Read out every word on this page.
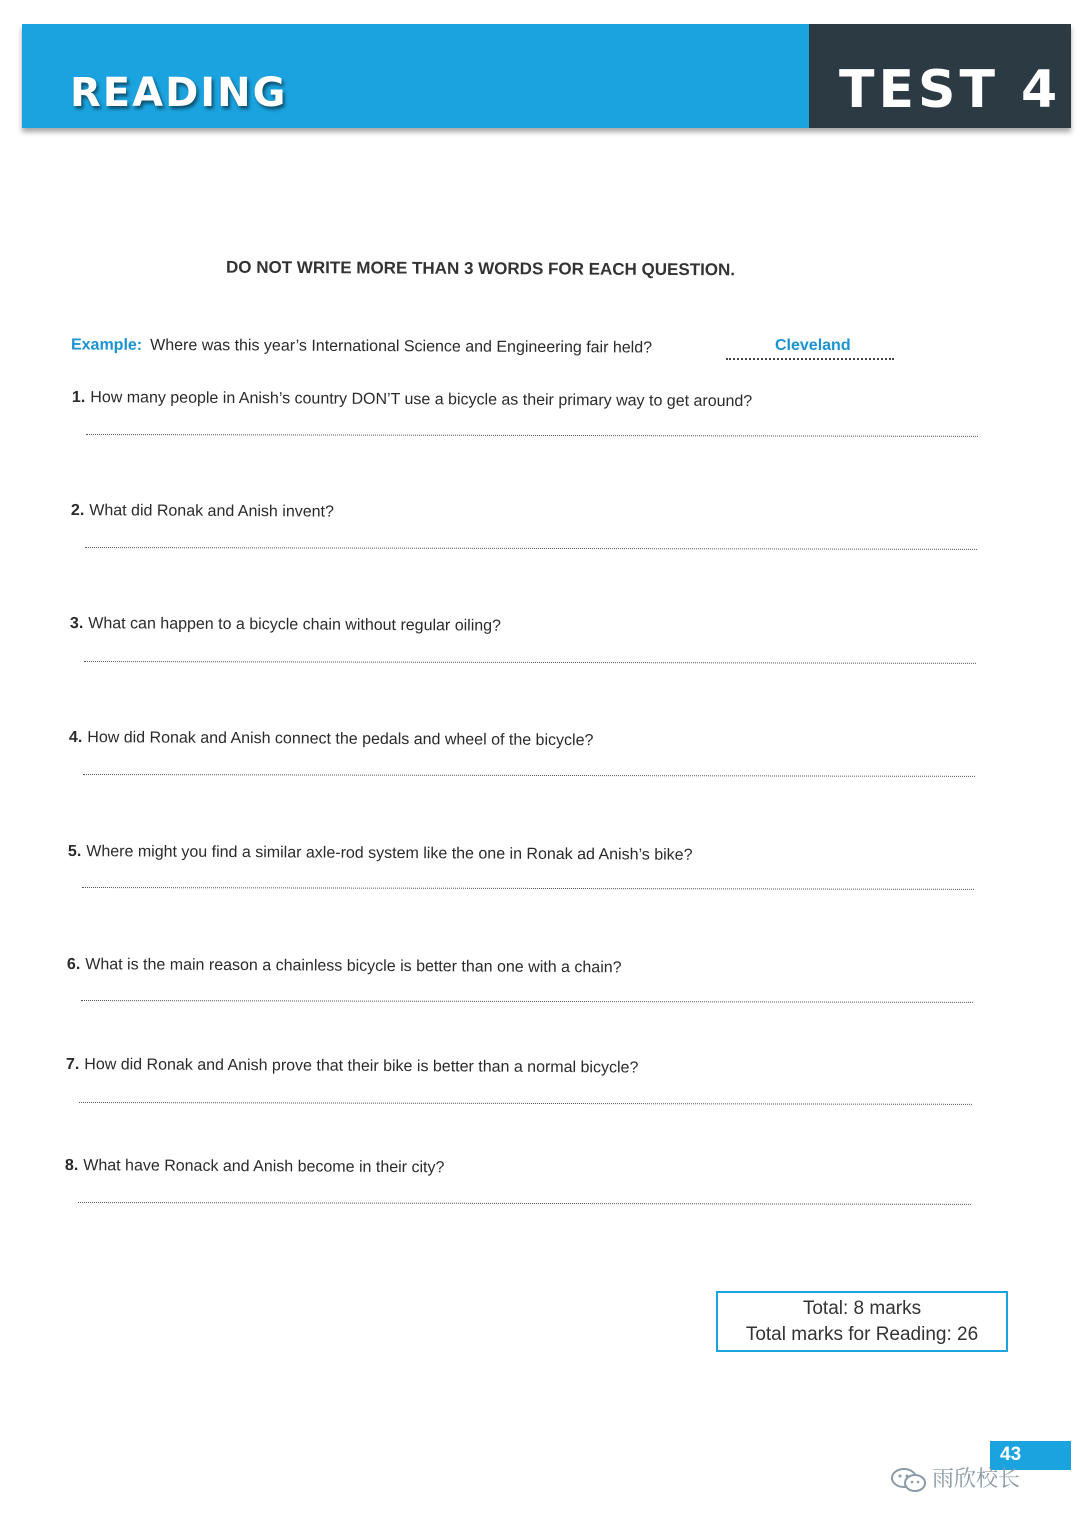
READING	TEST 4
DO NOT WRITE MORE THAN 3 WORDS FOR EACH QUESTION.
Example: Where was this year’s International Science and Engineering fair held?	Cleveland
1. How many people in Anish’s country DON’T use a bicycle as their primary way to get around?
2. What did Ronak and Anish invent?
3. What can happen to a bicycle chain without regular oiling?
4. How did Ronak and Anish connect the pedals and wheel of the bicycle?
5. Where might you find a similar axle-rod system like the one in Ronak ad Anish’s bike?
6. What is the main reason a chainless bicycle is better than one with a chain?
7. How did Ronak and Anish prove that their bike is better than a normal bicycle?
8. What have Ronack and Anish become in their city?
Total: 8 marks
Total marks for Reading: 26
43
雨欣校长
